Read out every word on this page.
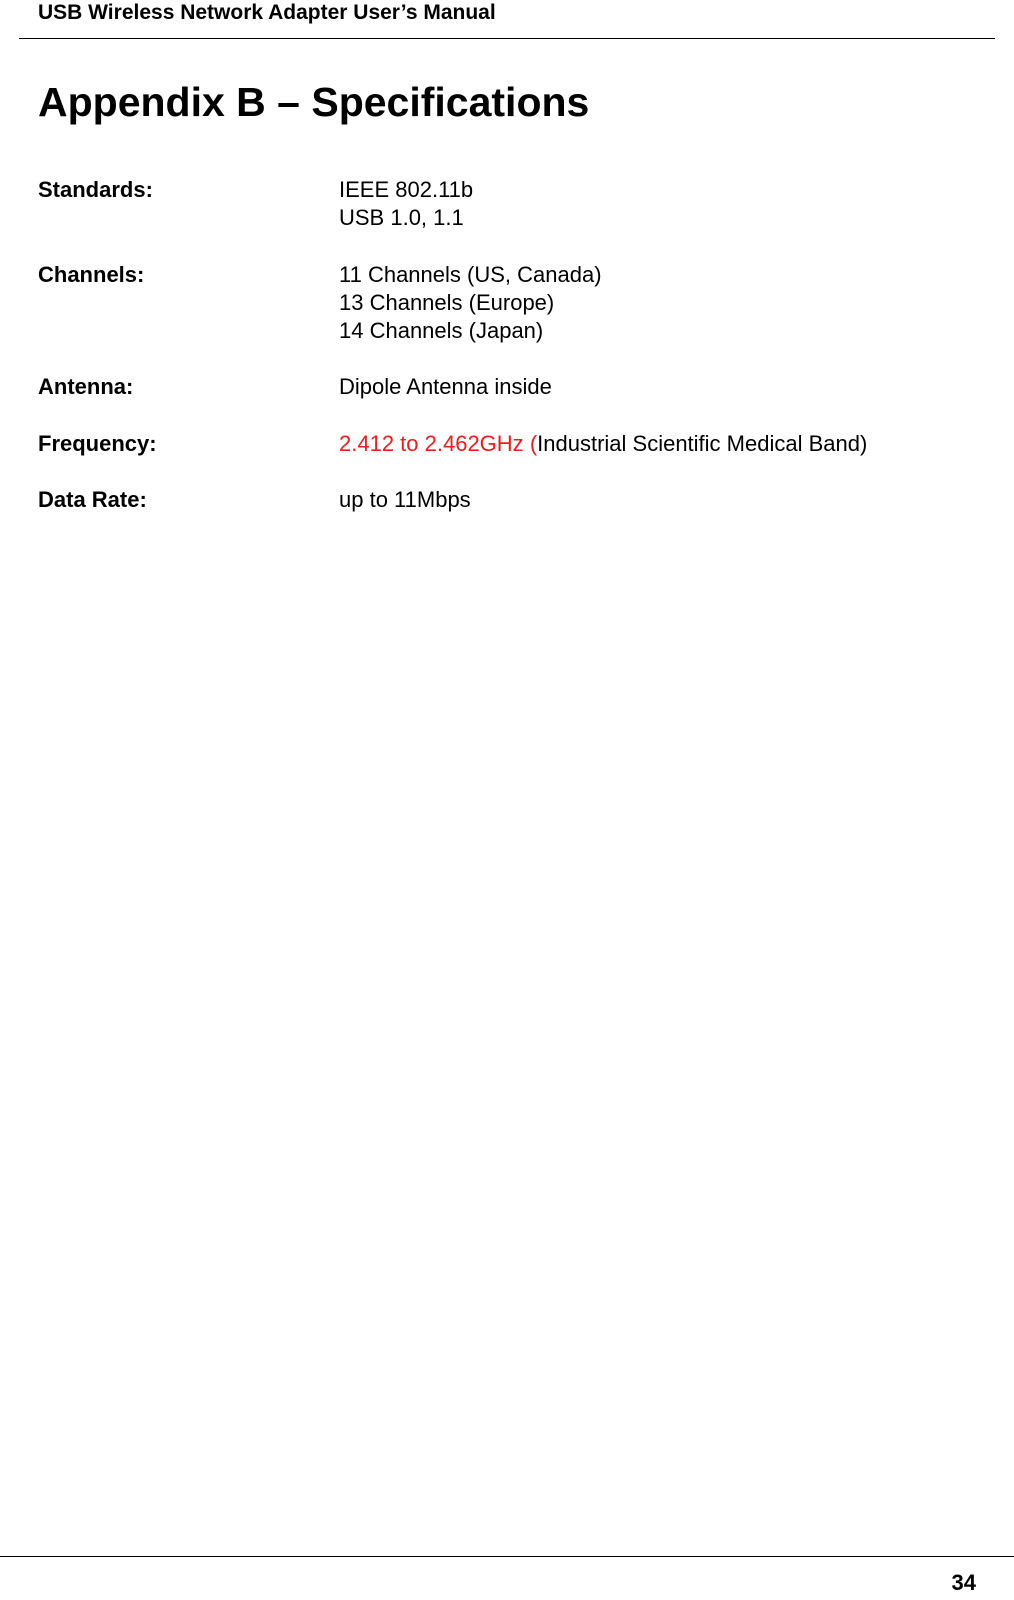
USB Wireless Network Adapter User’s Manual
Appendix B – Specifications
Standards:	IEEE 802.11b
USB 1.0, 1.1
Channels:	11 Channels (US, Canada)
13 Channels (Europe)
14 Channels (Japan)
Antenna:	Dipole Antenna inside
Frequency:	2.412 to 2.462GHz (Industrial Scientific Medical Band)
Data Rate:	up to 11Mbps
34
